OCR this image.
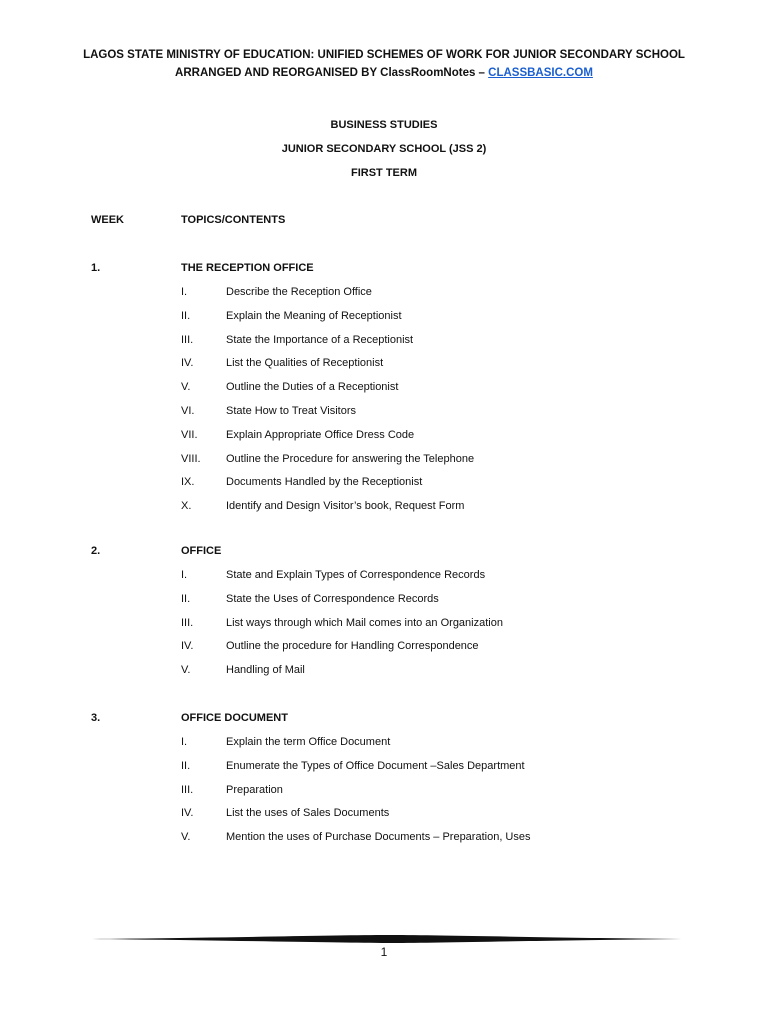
LAGOS STATE MINISTRY OF EDUCATION: UNIFIED SCHEMES OF WORK FOR JUNIOR SECONDARY SCHOOL
ARRANGED AND REORGANISED BY ClassRoomNotes – CLASSBASIC.COM
BUSINESS STUDIES
JUNIOR SECONDARY SCHOOL (JSS 2)
FIRST TERM
WEEK	TOPICS/CONTENTS
1.	THE RECEPTION OFFICE
I.	Describe the Reception Office
II.	Explain the Meaning of Receptionist
III.	State the Importance of a Receptionist
IV.	List the Qualities of Receptionist
V.	Outline the Duties of a Receptionist
VI.	State How to Treat Visitors
VII.	Explain Appropriate Office Dress Code
VIII. Outline the Procedure for answering the Telephone
IX.	Documents Handled by the Receptionist
X.	Identify and Design Visitor’s book, Request Form
2.	OFFICE
I.	State and Explain Types of Correspondence Records
II.	State the Uses of Correspondence Records
III.	List ways through which Mail comes into an Organization
IV.	Outline the procedure for Handling Correspondence
V.	Handling of Mail
3.	OFFICE DOCUMENT
I.	Explain the term Office Document
II.	Enumerate the Types of Office Document –Sales Department
III.	Preparation
IV.	List the uses of Sales Documents
V.	Mention the uses of Purchase Documents – Preparation, Uses
1
